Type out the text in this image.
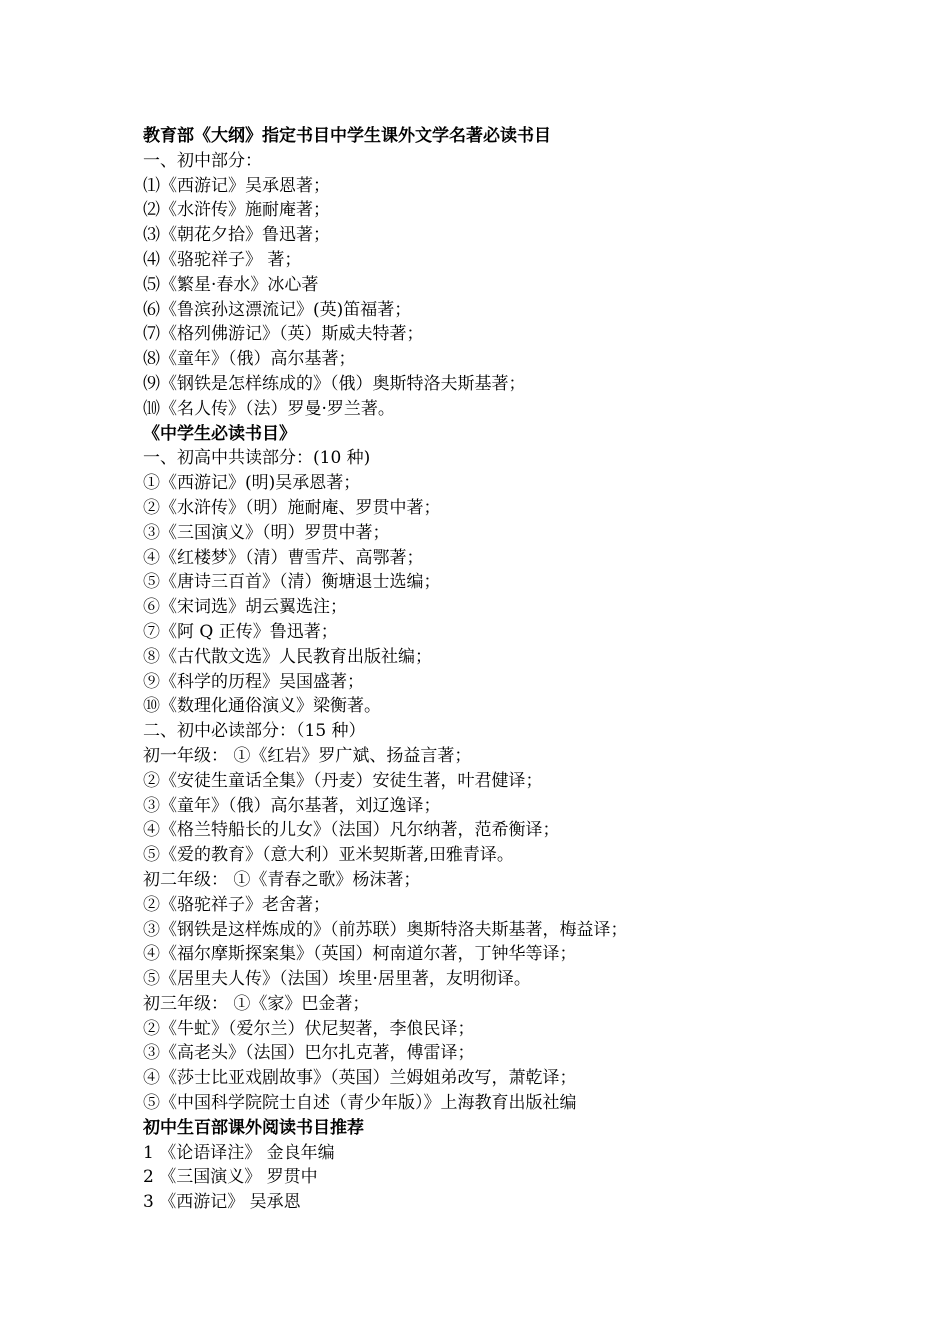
教育部《大纲》指定书目中学生课外文学名著必读书目
一、初中部分：
⑴《西游记》吴承恩著；
⑵《水浒传》施耐庵著；
⑶《朝花夕拾》鲁迅著；
⑷《骆驼祥子》 著；
⑸《繁星·春水》冰心著
⑹《鲁滨孙这漂流记》(英)笛福著；
⑺《格列佛游记》（英）斯威夫特著；
⑻《童年》（俄）高尔基著；
⑼《钢铁是怎样练成的》（俄）奥斯特洛夫斯基著；
⑽《名人传》（法）罗曼·罗兰著。
《中学生必读书目》
一、初高中共读部分：(10 种)
①《西游记》(明)吴承恩著；
②《水浒传》（明）施耐庵、罗贯中著；
③《三国演义》（明）罗贯中著；
④《红楼梦》（清）曹雪芹、高鄂著；
⑤《唐诗三百首》（清）衡塘退士选编；
⑥《宋词选》胡云翼选注；
⑦《阿 Q 正传》鲁迅著；
⑧《古代散文选》人民教育出版社编；
⑨《科学的历程》吴国盛著；
⑩《数理化通俗演义》梁衡著。
二、初中必读部分：（15 种）
初一年级： ①《红岩》罗广斌、扬益言著；
②《安徒生童话全集》（丹麦）安徒生著，叶君健译；
③《童年》（俄）高尔基著，刘辽逸译；
④《格兰特船长的儿女》（法国）凡尔纳著，范希衡译；
⑤《爱的教育》（意大利）亚米契斯著,田雅青译。
初二年级： ①《青春之歌》杨沫著；
②《骆驼祥子》老舍著；
③《钢铁是这样炼成的》（前苏联）奥斯特洛夫斯基著，梅益译；
④《福尔摩斯探案集》（英国）柯南道尔著，丁钟华等译；
⑤《居里夫人传》（法国）埃里·居里著，友明彻译。
初三年级： ①《家》巴金著；
②《牛虻》（爱尔兰）伏尼契著，李俍民译；
③《高老头》（法国）巴尔扎克著，傅雷译；
④《莎士比亚戏剧故事》（英国）兰姆姐弟改写，萧乾译；
⑤《中国科学院院士自述（青少年版）》上海教育出版社编
初中生百部课外阅读书目推荐
1 《论语译注》 金良年编
2 《三国演义》 罗贯中
3 《西游记》 吴承恩
